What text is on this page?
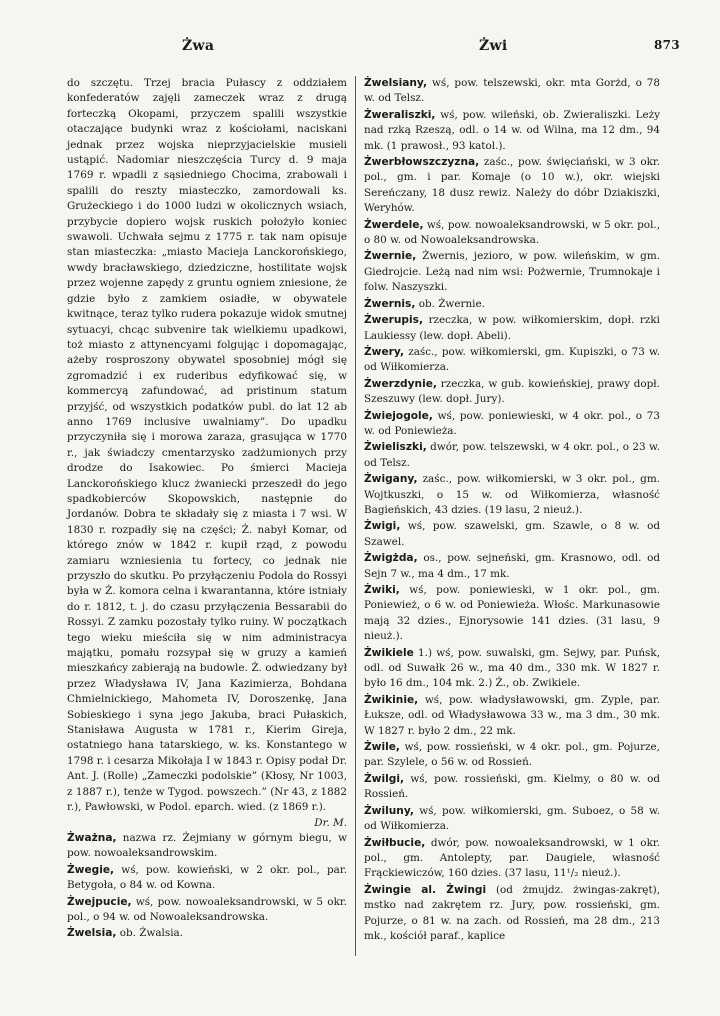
Żwa	Żwi	873

do szczętu. Trzej bracia Pułascy z oddziałem konfederatów zajęli zameczek wraz z drugą forteczką Okopami, przyczem spalili wszystkie otaczające budynki wraz z kościołami, naciskani jednak przez wojska nieprzyjacielskie musieli ustąpić. Nadomiar nieszczęścia Turcy d. 9 maja 1769 r. wpadli z sąsiedniego Chocima, zrabowali i spalili do reszty miasteczko, zamordowali ks. Grużeckiego i do 1000 ludzi w okolicznych wsiach, przybycie dopiero wojsk ruskich położyło koniec swawoli. Uchwała sejmu z 1775 r. tak nam opisuje stan miasteczka: „miasto Macieja Lanckorońskiego, wwdy bracławskiego, dziedziczne, hostilitate wojsk przez wojenne zapędy z gruntu ogniem zniesione, że gdzie było z zamkiem osiadłe, w obywatele kwitnące, teraz tylko rudera pokazuje widok smutnej sytuacyi, chcąc subvenire tak wielkiemu upadkowi, toż miasto z attynencyami folgując i dopomagając, ażeby rosproszony obywatel sposobniej mógł się zgromadzić i ex ruderibus edyfikować się, w kommercyą zafundować, ad pristinum statum przyjść, od wszystkich podatków publ. do lat 12 ab anno 1769 inclusive uwalniamy”. Do upadku przyczyniła się i morowa zaraza, grasująca w 1770 r., jak świadczy cmentarzysko zadżumionych przy drodze do Isakowiec. Po śmierci Macieja Lanckorońskiego klucz żwaniecki przeszedł do jego spadkobierców Skopowskich, następnie do Jordanów. Dobra te składały się z miasta i 7 wsi. W 1830 r. rozpadły się na części; Ż. nabył Komar, od którego znów w 1842 r. kupił rząd, z powodu zamiaru wzniesienia tu fortecy, co jednak nie przyszło do skutku. Po przyłączeniu Podola do Rossyi była w Ż. komora celna i kwarantanna, które istniały do r. 1812, t. j. do czasu przyłączenia Bessarabii do Rossyi. Z zamku pozostały tylko ruiny. W początkach tego wieku mieściła się w nim administracya majątku, pomału rozsypał się w gruzy a kamień mieszkańcy zabierają na budowle. Ż. odwiedzany był przez Władysława IV, Jana Kazimierza, Bohdana Chmielnickiego, Mahometa IV, Doroszenkę, Jana Sobieskiego i syna jego Jakuba, braci Pułaskich, Stanisława Augusta w 1781 r., Kierim Gireja, ostatniego hana tatarskiego, w. ks. Konstantego w 1798 r. i cesarza Mikołaja I w 1843 r. Opisy podał Dr. Ant. J. (Rolle) „Zameczki podolskie” (Kłosy, Nr 1003, z 1887 r.), tenże w Tygod. powszech.” (Nr 43, z 1882 r.), Pawłowski, w Podol. eparch. wied. (z 1869 r.).

Dr. M.

Żważna, nazwa rz. Żejmiany w górnym biegu, w pow. nowoaleksandrowskim.

Żwegie, wś, pow. kowieński, w 2 okr. pol., par. Betygoła, o 84 w. od Kowna.

Żwejpucie, wś, pow. nowoaleksandrowski, w 5 okr. pol., o 94 w. od Nowoaleksandrowska.

Żwelsia, ob. Żwalsia.

Żwelsiany, wś, pow. telszewski, okr. mta Gorżd, o 78 w. od Telsz.

Żweraliszki, wś, pow. wileński, ob. Zwieraliszki. Leży nad rzką Rzeszą, odl. o 14 w. od Wilna, ma 12 dm., 94 mk. (1 prawosł., 93 katol.).

Żwerbłowszczyzna, zaśc., pow. święciański, w 3 okr. pol., gm. i par. Komaje (o 10 w.), okr. wiejski Sereńczany, 18 dusz rewiz. Należy do dóbr Dziakiszki, Weryhów.

Żwerdele, wś, pow. nowoaleksandrowski, w 5 okr. pol., o 80 w. od Nowoaleksandrowska.

Żwernie, Żwernis, jezioro, w pow. wileńskim, w gm. Giedrojcie. Leżą nad nim wsi: Pożwernie, Trumnokaje i folw. Naszyszki.

Żwernis, ob. Żwernie.

Żwerupis, rzeczka, w pow. wiłkomierskim, dopł. rzki Laukiessy (lew. dopł. Abeli).

Żwery, zaśc., pow. wiłkomierski, gm. Kupiszki, o 73 w. od Wiłkomierza.

Żwerzdynie, rzeczka, w gub. kowieńskiej, prawy dopł. Szeszuwy (lew. dopł. Jury).

Żwiejogole, wś, pow. poniewieski, w 4 okr. pol., o 73 w. od Poniewieża.

Żwieliszki, dwór, pow. telszewski, w 4 okr. pol., o 23 w. od Telsz.

Żwigany, zaśc., pow. wiłkomierski, w 3 okr. pol., gm. Wojtkuszki, o 15 w. od Wiłkomierza, własność Bagieńskich, 43 dzies. (19 lasu, 2 nieuż.).

Żwigi, wś, pow. szawelski, gm. Szawle, o 8 w. od Szawel.

Żwigżda, os., pow. sejneński, gm. Krasnowo, odl. od Sejn 7 w., ma 4 dm., 17 mk.

Żwiki, wś, pow. poniewieski, w 1 okr. pol., gm. Poniewież, o 6 w. od Poniewieża. Włośc. Markunasowie mają 32 dzies., Ejnorysowie 141 dzies. (31 lasu, 9 nieuż.).

Żwikiele 1.) wś, pow. suwalski, gm. Sejwy, par. Puńsk, odl. od Suwałk 26 w., ma 40 dm., 330 mk. W 1827 r. było 16 dm., 104 mk. 2.) Ż., ob. Zwikiele.

Żwikinie, wś, pow. władysławowski, gm. Zyple, par. Łuksze, odl. od Władysławowa 33 w., ma 3 dm., 30 mk. W 1827 r. było 2 dm., 22 mk.

Żwile, wś, pow. rossieński, w 4 okr. pol., gm. Pojurze, par. Szylele, o 56 w. od Rossień.

Żwilgi, wś, pow. rossieński, gm. Kielmy, o 80 w. od Rossień.

Żwiluny, wś, pow. wiłkomierski, gm. Suboez, o 58 w. od Wiłkomierza.

Żwiłbucie, dwór, pow. nowoaleksandrowski, w 1 okr. pol., gm. Antolepty, par. Daugiele, własność Frąckiewiczów, 160 dzies. (37 lasu, 11¹/₂ nieuż.).

Żwingie al. Żwingi (od żmujdz. żwingas-zakręt), mstko nad zakrętem rz. Jury, pow. rossieński, gm. Pojurze, o 81 w. na zach. od Rossień, ma 28 dm., 213 mk., kościół paraf., kaplice
